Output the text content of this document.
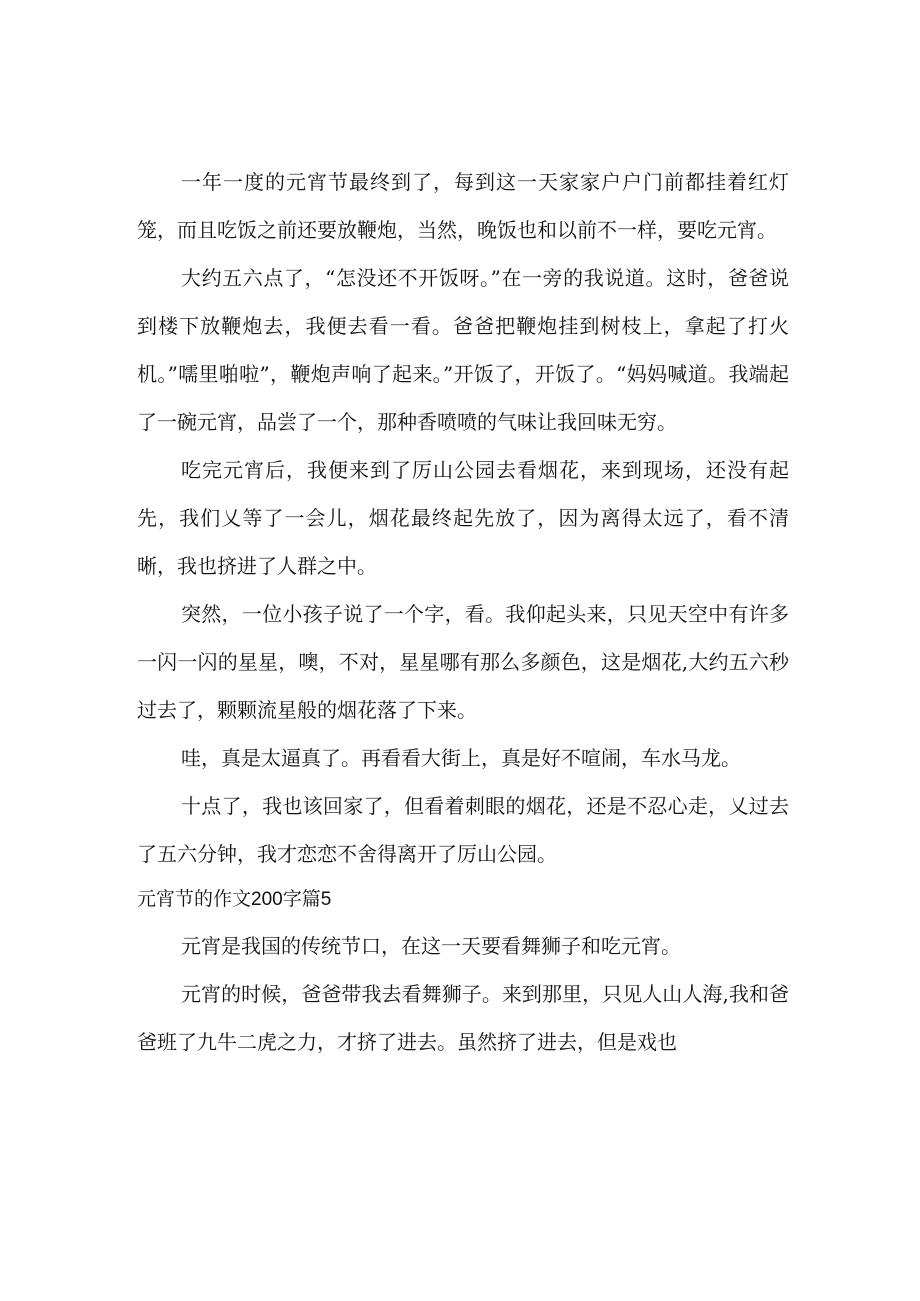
一年一度的元宵节最终到了，每到这一天家家户户门前都挂着红灯笼，而且吃饭之前还要放鞭炮，当然，晚饭也和以前不一样，要吃元宵。

大约五六点了，“怎没还不开饭呀。”在一旁的我说道。这时，爸爸说到楼下放鞭炮去，我便去看一看。爸爸把鞭炮挂到树枝上，拿起了打火机。”嚅里啪啦”，鞭炮声响了起来。”开饭了，开饭了。“妈妈喊道。我端起了一碗元宵，品尝了一个，那种香喷喷的气味让我回味无穷。

吃完元宵后，我便来到了厉山公园去看烟花，来到现场，还没有起先，我们乂等了一会儿，烟花最终起先放了，因为离得太远了，看不清晰，我也挤进了人群之中。

突然，一位小孩子说了一个字，看。我仰起头来，只见天空中有许多一闪一闪的星星，噢，不对，星星哪有那么多颜色，这是烟花,大约五六秒过去了，颗颗流星般的烟花落了下来。

哇，真是太逼真了。再看看大街上，真是好不喧闹，车水马龙。

十点了，我也该回家了，但看着刺眼的烟花，还是不忍心走，乂过去了五六分钟，我才恋恋不舍得离开了厉山公园。

元宵节的作文200字篇5

元宵是我国的传统节口，在这一天要看舞狮子和吃元宵。

元宵的时候，爸爸带我去看舞狮子。来到那里，只见人山人海,我和爸爸班了九牛二虎之力，才挤了进去。虽然挤了进去，但是戏也
